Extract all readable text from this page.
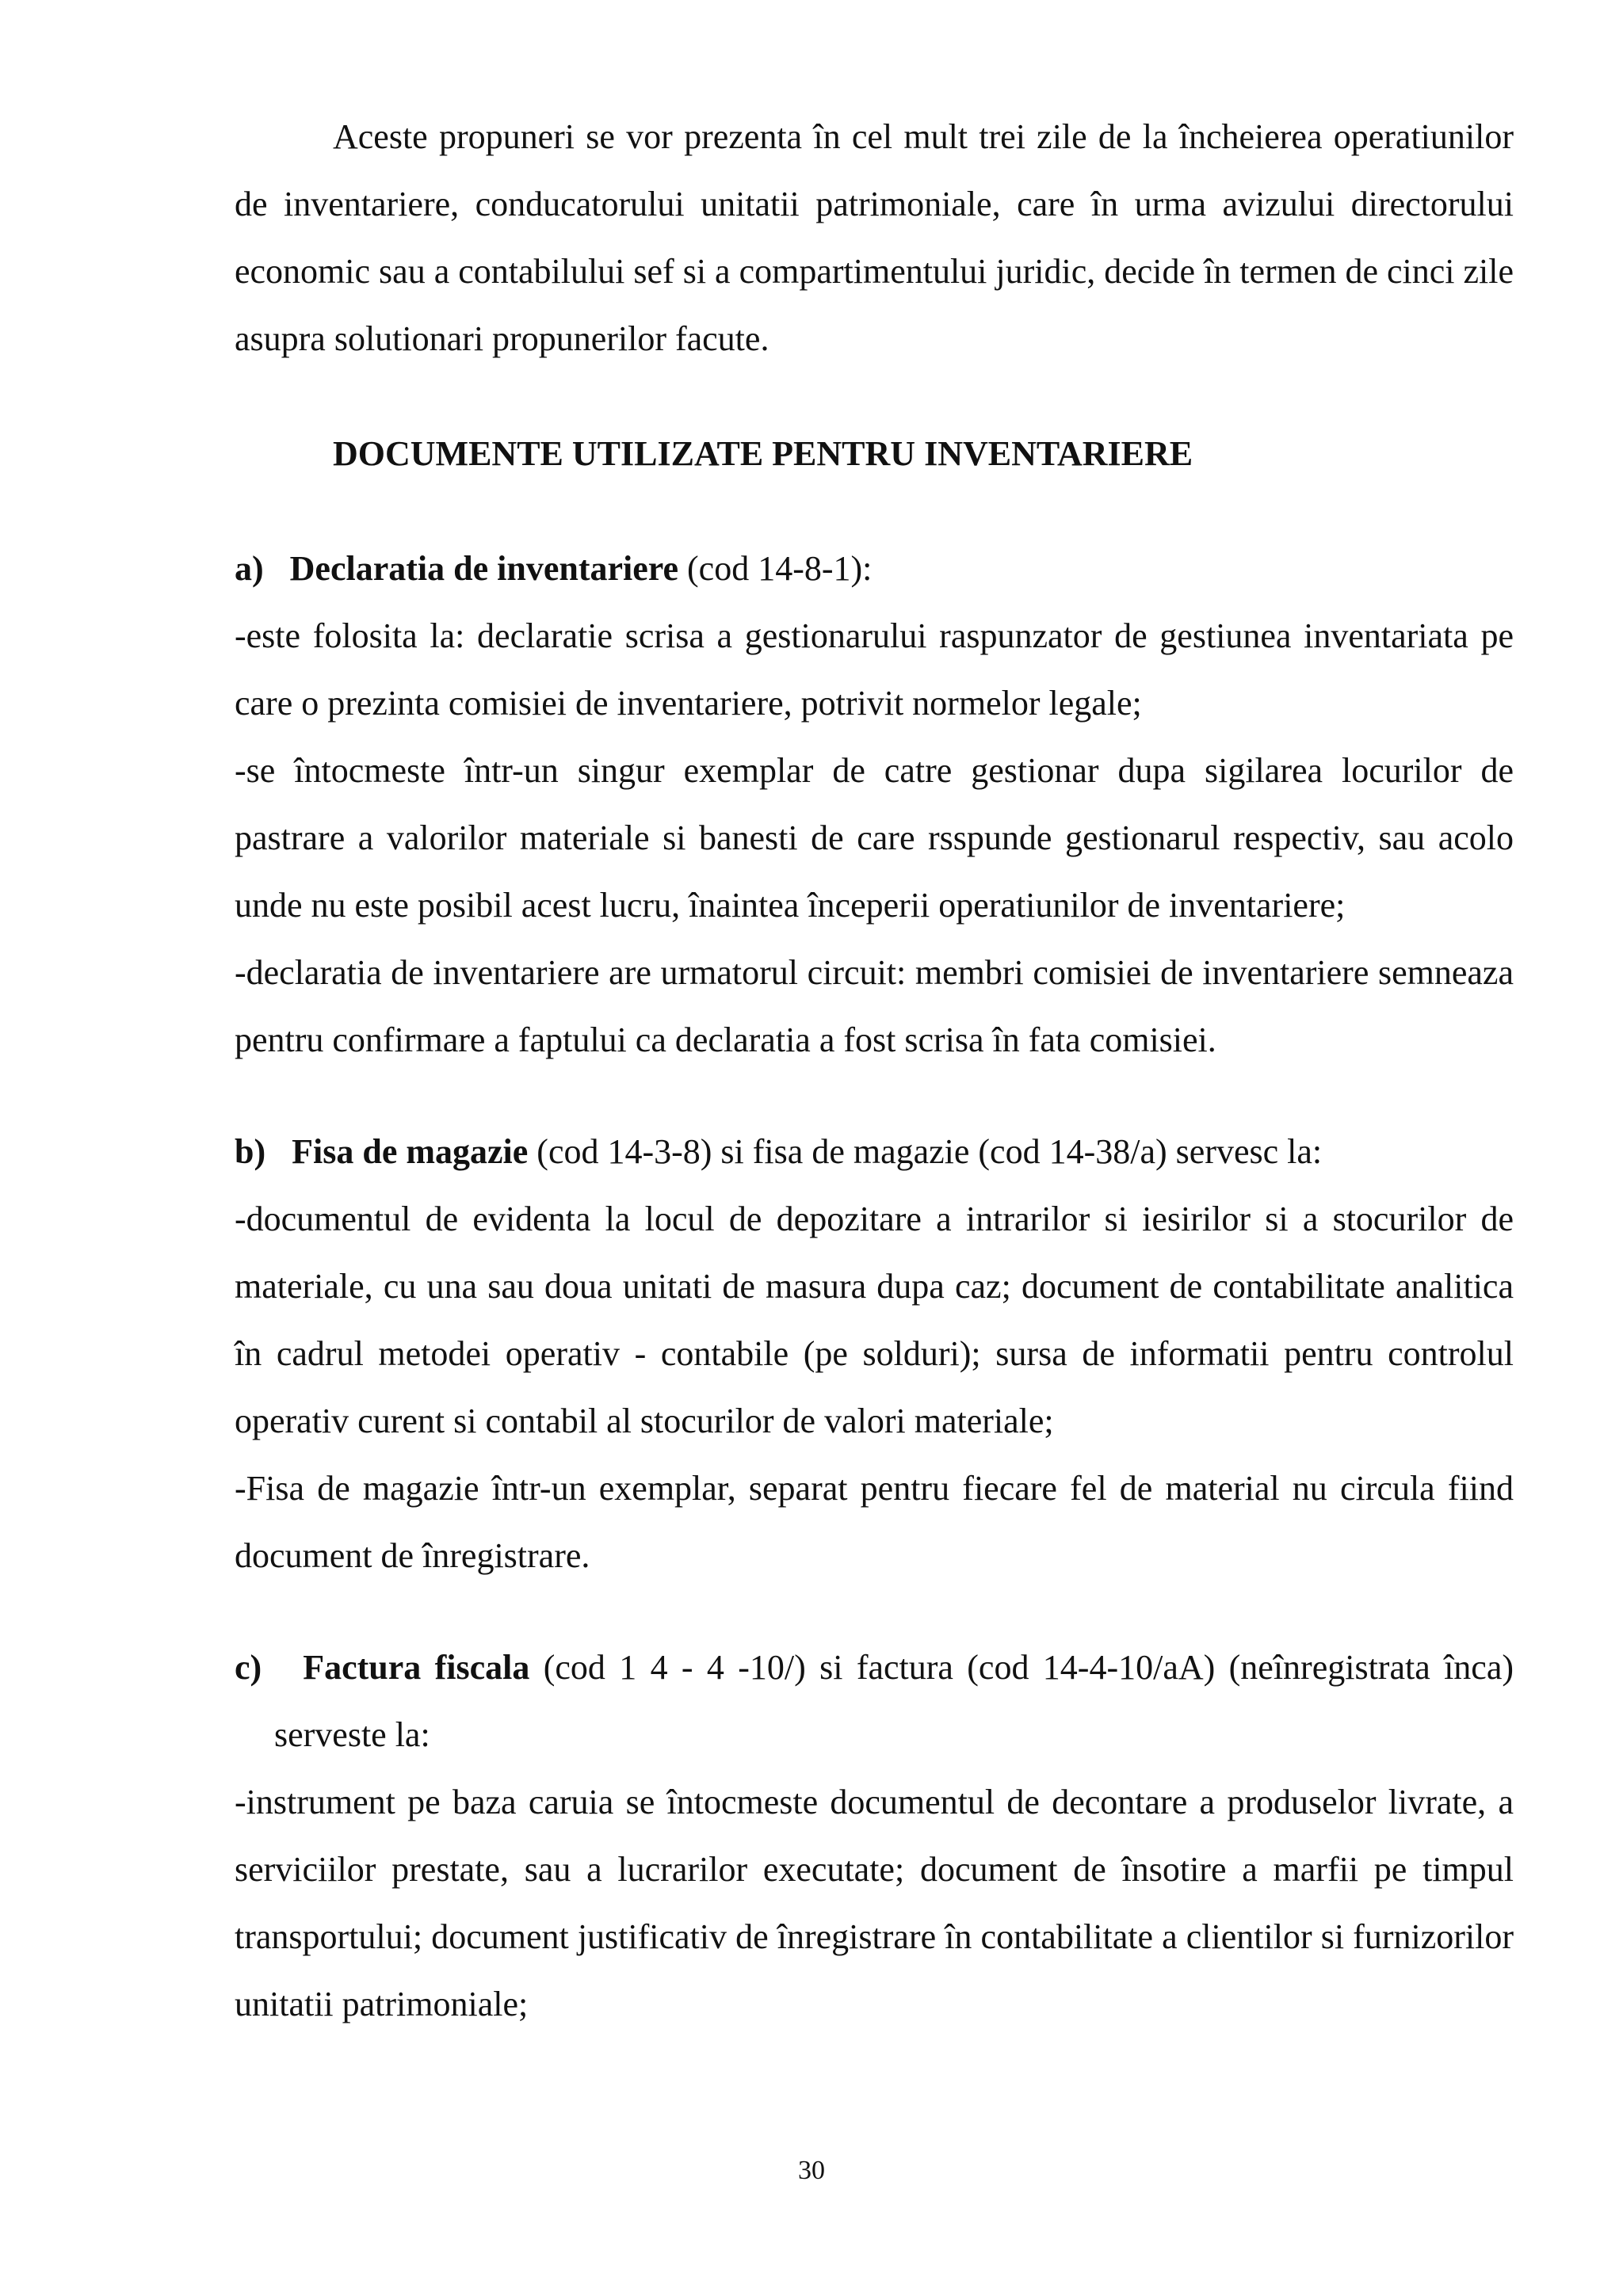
Aceste propuneri se vor prezenta în cel mult trei zile de la încheierea operatiunilor de inventariere, conducatorului unitatii patrimoniale, care în urma avizului directorului economic sau a contabilului sef si a compartimentului juridic, decide în termen de cinci zile asupra solutionari propunerilor facute.

DOCUMENTE UTILIZATE PENTRU INVENTARIERE

a) Declaratia de inventariere (cod 14-8-1):

-este folosita la: declaratie scrisa a gestionarului raspunzator de gestiunea inventariata pe care o prezinta comisiei de inventariere, potrivit normelor legale;

-se întocmeste într-un singur exemplar de catre gestionar dupa sigilarea locurilor de pastrare a valorilor materiale si banesti de care rsspunde gestionarul respectiv, sau acolo unde nu este posibil acest lucru, înaintea începerii operatiunilor de inventariere;

-declaratia de inventariere are urmatorul circuit: membri comisiei de inventariere semneaza pentru confirmare a faptului ca declaratia a fost scrisa în fata comisiei.

b) Fisa de magazie (cod 14-3-8) si fisa de magazie (cod 14-38/a) servesc la:

-documentul de evidenta la locul de depozitare a intrarilor si iesirilor si a stocurilor de materiale, cu una sau doua unitati de masura dupa caz; document de contabilitate analitica în cadrul metodei operativ - contabile (pe solduri); sursa de informatii pentru controlul operativ curent si contabil al stocurilor de valori materiale;

-Fisa de magazie într-un exemplar, separat pentru fiecare fel de material nu circula fiind document de înregistrare.

c) Factura fiscala (cod 1 4 - 4 -10/) si factura (cod 14-4-10/aA) (neînregistrata înca) serveste la:

-instrument pe baza caruia se întocmeste documentul de decontare a produselor livrate, a serviciilor prestate, sau a lucrarilor executate; document de însotire a marfii pe timpul transportului; document justificativ de înregistrare în contabilitate a clientilor si furnizorilor unitatii patrimoniale;

30
